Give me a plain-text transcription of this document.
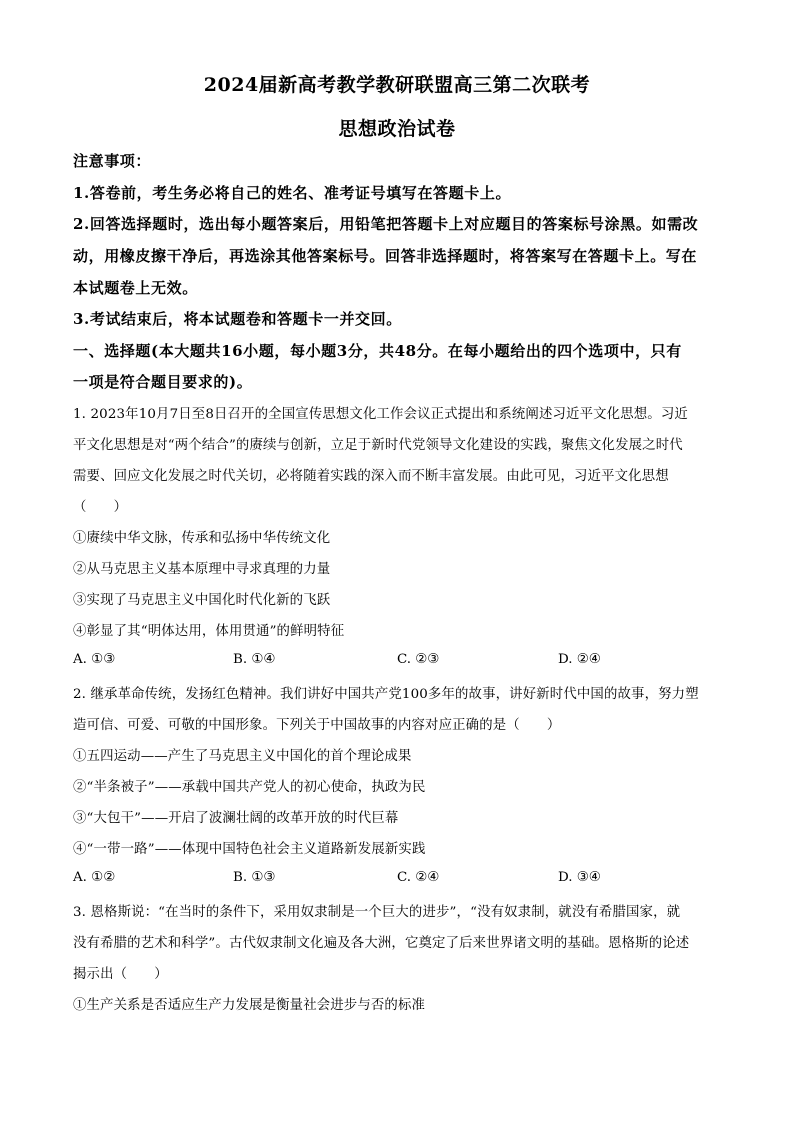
2024届新高考教学教研联盟高三第二次联考
思想政治试卷
注意事项：
1.答卷前，考生务必将自己的姓名、准考证号填写在答题卡上。
2.回答选择题时，选出每小题答案后，用铅笔把答题卡上对应题目的答案标号涂黑。如需改
动，用橡皮擦干净后，再选涂其他答案标号。回答非选择题时，将答案写在答题卡上。写在
本试题卷上无效。
3.考试结束后，将本试题卷和答题卡一并交回。
一、选择题(本大题共16小题，每小题3分，共48分。在每小题给出的四个选项中，只有
一项是符合题目要求的)。
1. 2023年10月7日至8日召开的全国宣传思想文化工作会议正式提出和系统阐述习近平文化思想。习近
平文化思想是对“两个结合”的赓续与创新，立足于新时代党领导文化建设的实践，聚焦文化发展之时代
需要、回应文化发展之时代关切，必将随着实践的深入而不断丰富发展。由此可见，习近平文化思想
（　　）
①赓续中华文脉，传承和弘扬中华传统文化
②从马克思主义基本原理中寻求真理的力量
③实现了马克思主义中国化时代化新的飞跃
④彰显了其“明体达用，体用贯通”的鲜明特征
A. ①③	B. ①④	C. ②③	D. ②④
2. 继承革命传统，发扬红色精神。我们讲好中国共产党100多年的故事，讲好新时代中国的故事，努力塑
造可信、可爱、可敬的中国形象。下列关于中国故事的内容对应正确的是（　　）
①五四运动——产生了马克思主义中国化的首个理论成果
②“半条被子”——承载中国共产党人的初心使命，执政为民
③“大包干”——开启了波澜壮阔的改革开放的时代巨幕
④“一带一路”——体现中国特色社会主义道路新发展新实践
A. ①②	B. ①③	C. ②④	D. ③④
3. 恩格斯说：“在当时的条件下，采用奴隶制是一个巨大的进步”，“没有奴隶制，就没有希腊国家，就
没有希腊的艺术和科学”。古代奴隶制文化遍及各大洲，它奠定了后来世界诸文明的基础。恩格斯的论述
揭示出（　　）
①生产关系是否适应生产力发展是衡量社会进步与否的标准
